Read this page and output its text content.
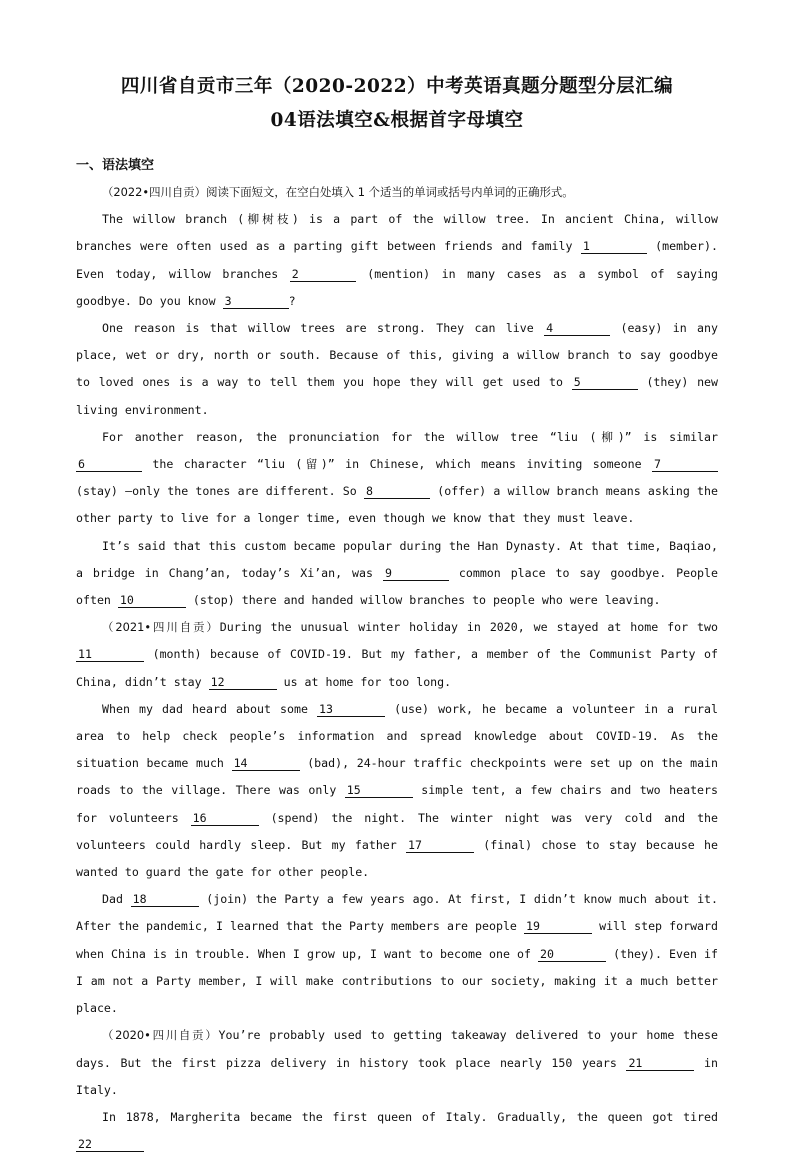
四川省自贡市三年（2020-2022）中考英语真题分题型分层汇编
04语法填空&根据首字母填空
一、语法填空

（2022•四川自贡）阅读下面短文，在空白处填入 1 个适当的单词或括号内单词的正确形式。

The willow branch (柳树枝) is a part of the willow tree. In ancient China, willow branches were often used as a parting gift between friends and family 1	(member). Even today, willow branches 2	(mention) in many cases as a symbol of saying goodbye. Do you know 3	?

One reason is that willow trees are strong. They can live 4	(easy) in any place, wet or dry, north or south. Because of this, giving a willow branch to say goodbye to loved ones is a way to tell them you hope they will get used to 5	(they) new living environment.

For another reason, the pronunciation for the willow tree “liu (柳)” is similar 6	the character “liu (留)” in Chinese, which means inviting someone 7 (stay) —only the tones are different. So 8	(offer) a willow branch means asking the other party to live for a longer time, even though we know that they must leave.

It’s said that this custom became popular during the Han Dynasty. At that time, Baqiao, a bridge in Chang’an, today’s Xi’an, was 9	common place to say goodbye. People often 10	(stop) there and handed willow branches to people who were leaving.

（2021•四川自贡）During the unusual winter holiday in 2020, we stayed at home for two 11	(month) because of COVID-19. But my father, a member of the Communist Party of China, didn’t stay 12	us at home for too long.

When my dad heard about some 13	(use) work, he became a volunteer in a rural area to help check people’s information and spread knowledge about COVID-19. As the situation became much 14	(bad), 24-hour traffic checkpoints were set up on the main roads to the village. There was only 15	simple tent, a few chairs and two heaters for volunteers 16	(spend) the night. The winter night was very cold and the volunteers could hardly sleep. But my father 17	(final) chose to stay because he wanted to guard the gate for other people.

Dad 18	(join) the Party a few years ago. At first, I didn’t know much about it. After the pandemic, I learned that the Party members are people 19	will step forward when China is in trouble. When I grow up, I want to become one of 20	(they). Even if I am not a Party member, I will make contributions to our society, making it a much better place.

（2020•四川自贡）You’re probably used to getting takeaway delivered to your home these days. But the first pizza delivery in history took place nearly 150 years 21	in Italy.

In 1878, Margherita became the first queen of Italy. Gradually, the queen got tired 22
